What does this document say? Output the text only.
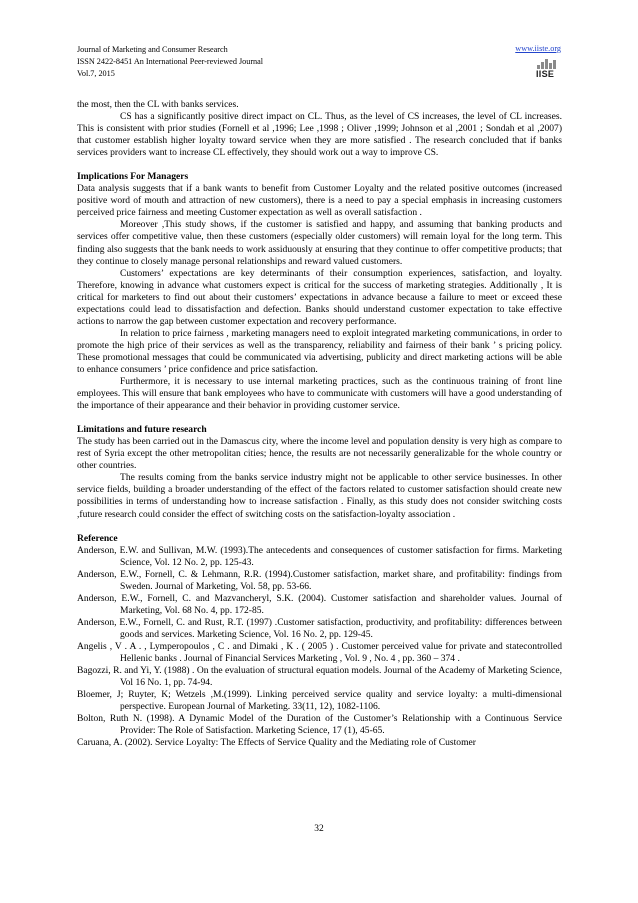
Journal of Marketing and Consumer Research
ISSN 2422-8451 An International Peer-reviewed Journal
Vol.7, 2015
www.iiste.org
IISE

the most, then the CL with banks services.

CS has a significantly positive direct impact on CL. Thus, as the level of CS increases, the level of CL increases. This is consistent with prior studies (Fornell et al ,1996; Lee ,1998 ; Oliver ,1999; Johnson et al ,2001 ; Sondah et al ,2007) that customer establish higher loyalty toward service when they are more satisfied . The research concluded that if banks services providers want to increase CL effectively, they should work out a way to improve CS.

Implications For Managers

Data analysis suggests that if a bank wants to benefit from Customer Loyalty and the related positive outcomes (increased positive word of mouth and attraction of new customers), there is a need to pay a special emphasis in increasing customers perceived price fairness and meeting Customer expectation as well as overall satisfaction .

Moreover ,This study shows, if the customer is satisfied and happy, and assuming that banking products and services offer competitive value, then these customers (especially older customers) will remain loyal for the long term. This finding also suggests that the bank needs to work assiduously at ensuring that they continue to offer competitive products; that they continue to closely manage personal relationships and reward valued customers.

Customers’ expectations are key determinants of their consumption experiences, satisfaction, and loyalty. Therefore, knowing in advance what customers expect is critical for the success of marketing strategies. Additionally , It is critical for marketers to find out about their customers’ expectations in advance because a failure to meet or exceed these expectations could lead to dissatisfaction and defection. Banks should understand customer expectation to take effective actions to narrow the gap between customer expectation and recovery performance.

In relation to price fairness , marketing managers need to exploit integrated marketing communications, in order to promote the high price of their services as well as the transparency, reliability and fairness of their bank ’ s pricing policy. These promotional messages that could be communicated via advertising, publicity and direct marketing actions will be able to enhance consumers ’ price confidence and price satisfaction.

Furthermore, it is necessary to use internal marketing practices, such as the continuous training of front line employees. This will ensure that bank employees who have to communicate with customers will have a good understanding of the importance of their appearance and their behavior in providing customer service.

Limitations and future research

The study has been carried out in the Damascus city, where the income level and population density is very high as compare to rest of Syria except the other metropolitan cities; hence, the results are not necessarily generalizable for the whole country or other countries.

The results coming from the banks service industry might not be applicable to other service businesses. In other service fields, building a broader understanding of the effect of the factors related to customer satisfaction should create new possibilities in terms of understanding how to increase satisfaction . Finally, as this study does not consider switching costs ,future research could consider the effect of switching costs on the satisfaction-loyalty association .

Reference

Anderson, E.W. and Sullivan, M.W. (1993).The antecedents and consequences of customer satisfaction for firms. Marketing Science, Vol. 12 No. 2, pp. 125-43.

Anderson, E.W., Fornell, C. & Lehmann, R.R. (1994).Customer satisfaction, market share, and profitability: findings from Sweden. Journal of Marketing, Vol. 58, pp. 53-66.

Anderson, E.W., Fornell, C. and Mazvancheryl, S.K. (2004). Customer satisfaction and shareholder values. Journal of Marketing, Vol. 68 No. 4, pp. 172-85.

Anderson, E.W., Fornell, C. and Rust, R.T. (1997) .Customer satisfaction, productivity, and profitability: differences between goods and services. Marketing Science, Vol. 16 No. 2, pp. 129-45.

Angelis , V . A . , Lymperopoulos , C . and Dimaki , K . ( 2005 ) . Customer perceived value for private and statecontrolled Hellenic banks . Journal of Financial Services Marketing , Vol. 9 , No. 4 , pp. 360 – 374 .

Bagozzi, R. and Yi, Y. (1988) . On the evaluation of structural equation models. Journal of the Academy of Marketing Science, Vol 16 No. 1, pp. 74-94.

Bloemer, J; Ruyter, K; Wetzels ,M.(1999). Linking perceived service quality and service loyalty: a multi-dimensional perspective. European Journal of Marketing. 33(11, 12), 1082-1106.

Bolton, Ruth N. (1998). A Dynamic Model of the Duration of the Customer’s Relationship with a Continuous Service Provider: The Role of Satisfaction. Marketing Science, 17 (1), 45-65.

Caruana, A. (2002). Service Loyalty: The Effects of Service Quality and the Mediating role of Customer

32
